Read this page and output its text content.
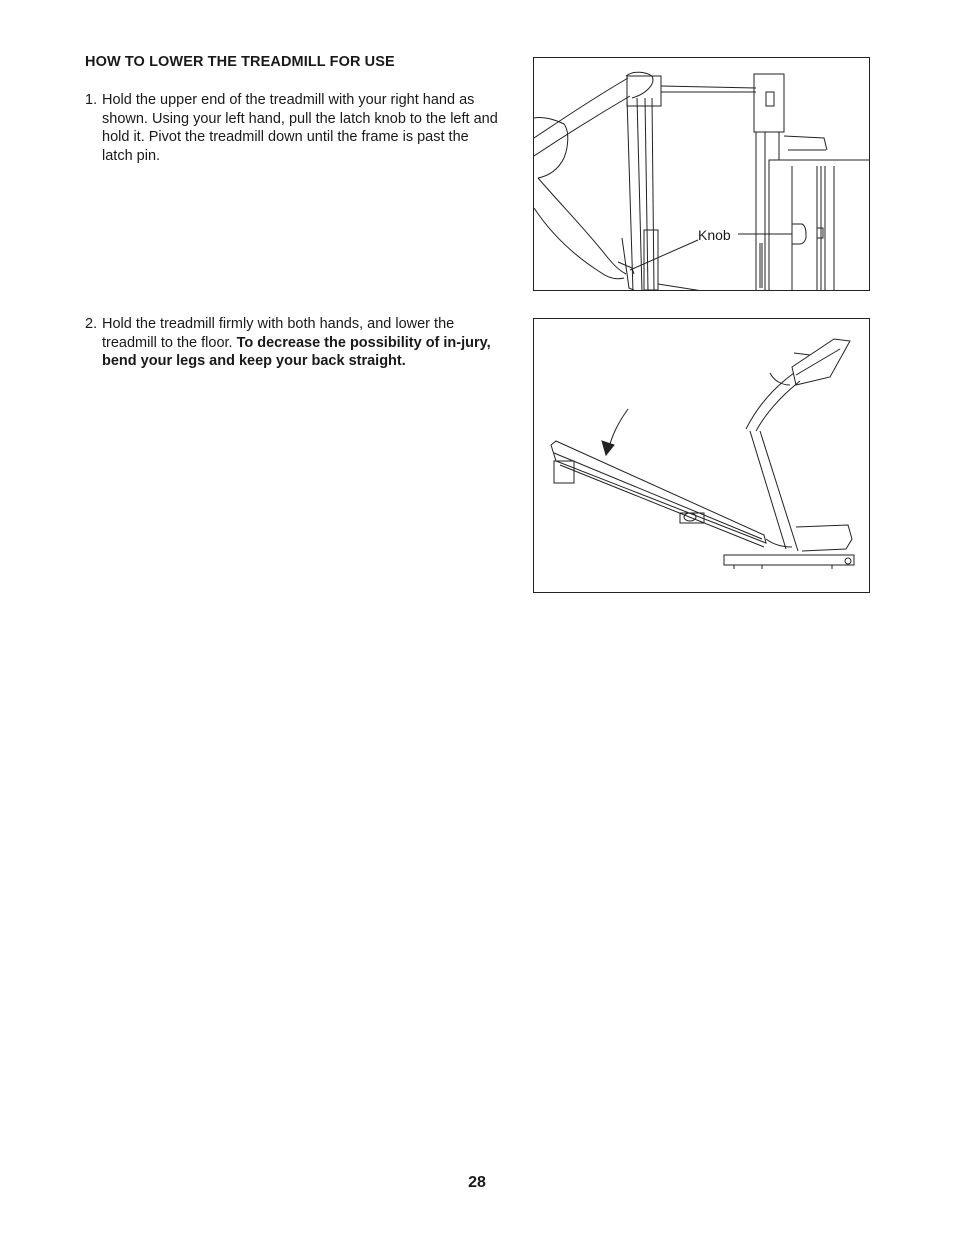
HOW TO LOWER THE TREADMILL FOR USE
1. Hold the upper end of the treadmill with your right hand as shown. Using your left hand, pull the latch knob to the left and hold it. Pivot the treadmill down until the frame is past the latch pin.
2. Hold the treadmill firmly with both hands, and lower the treadmill to the floor. To decrease the possibility of in-jury, bend your legs and keep your back straight.
Knob
28
